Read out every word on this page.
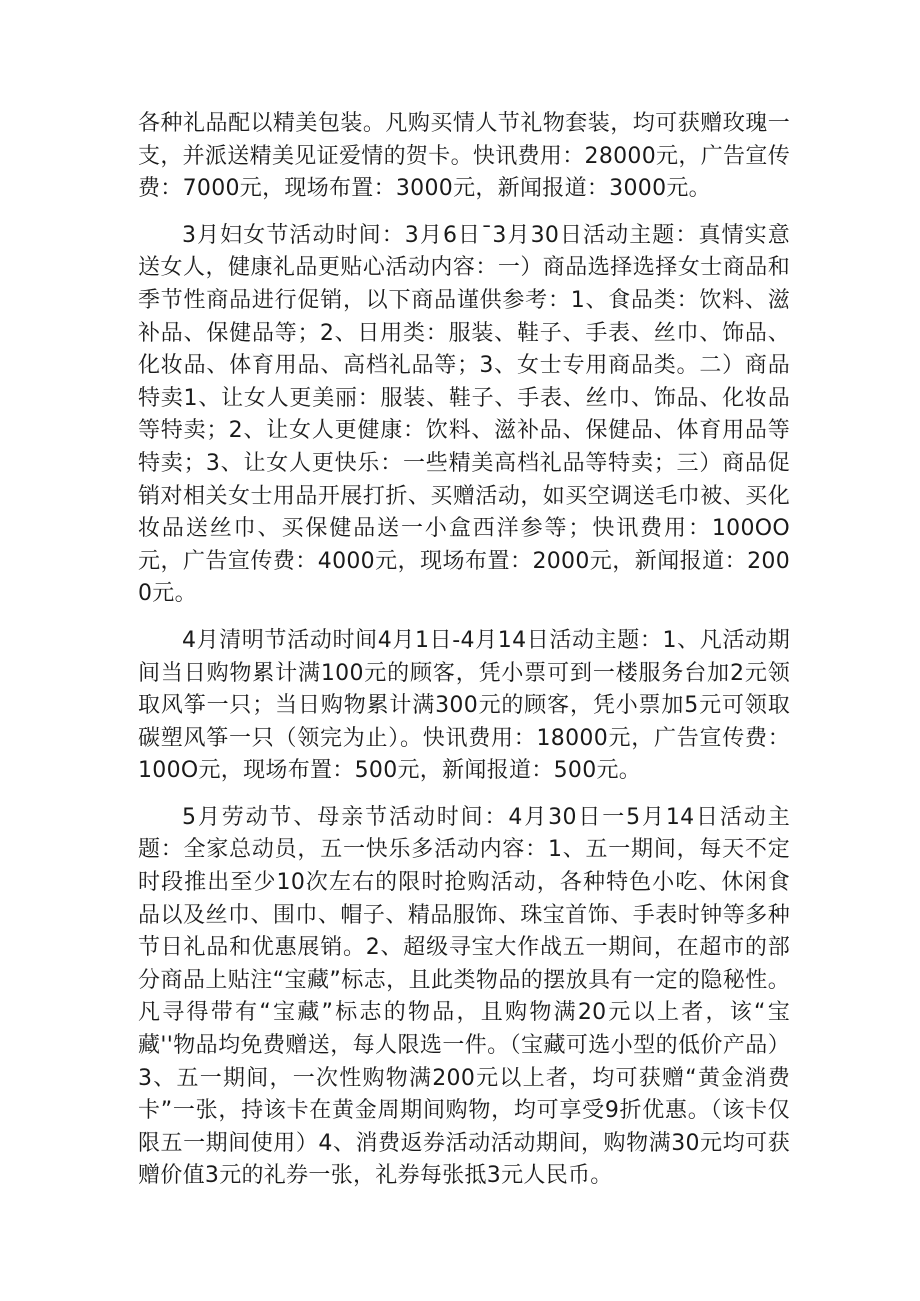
各种礼品配以精美包装。凡购买情人节礼物套装，均可获赠玫瑰一支，并派送精美见证爱情的贺卡。快讯费用：28000元，广告宣传费：7000元，现场布置：3000元，新闻报道：3000元。

3月妇女节活动时间：3月6日¯3月30日活动主题：真情实意送女人，健康礼品更贴心活动内容：一）商品选择选择女士商品和季节性商品进行促销，以下商品谨供参考：1、食品类：饮料、滋补品、保健品等；2、日用类：服装、鞋子、手表、丝巾、饰品、化妆品、体育用品、高档礼品等；3、女士专用商品类。二）商品特卖1、让女人更美丽：服装、鞋子、手表、丝巾、饰品、化妆品等特卖；2、让女人更健康：饮料、滋补品、保健品、体育用品等特卖；3、让女人更快乐：一些精美高档礼品等特卖；三）商品促销对相关女士用品开展打折、买赠活动，如买空调送毛巾被、买化妆品送丝巾、买保健品送一小盒西洋参等；快讯费用：100OO元，广告宣传费：4000元，现场布置：2000元，新闻报道：2000元。

4月清明节活动时间4月1日-4月14日活动主题：1、凡活动期间当日购物累计满100元的顾客，凭小票可到一楼服务台加2元领取风筝一只；当日购物累计满300元的顾客，凭小票加5元可领取碳塑风筝一只（领完为止）。快讯费用：18000元，广告宣传费：100O元，现场布置：500元，新闻报道：500元。

5月劳动节、母亲节活动时间：4月30日一5月14日活动主题：全家总动员，五一快乐多活动内容：1、五一期间，每天不定时段推出至少10次左右的限时抢购活动，各种特色小吃、休闲食品以及丝巾、围巾、帽子、精品服饰、珠宝首饰、手表时钟等多种节日礼品和优惠展销。2、超级寻宝大作战五一期间，在超市的部分商品上贴注“宝藏”标志，且此类物品的摆放具有一定的隐秘性。凡寻得带有“宝藏”标志的物品，且购物满20元以上者，该“宝藏''物品均免费赠送，每人限选一件。（宝藏可选小型的低价产品）3、五一期间，一次性购物满200元以上者，均可获赠“黄金消费卡”一张，持该卡在黄金周期间购物，均可享受9折优惠。（该卡仅限五一期间使用）4、消费返券活动活动期间，购物满30元均可获赠价值3元的礼券一张，礼券每张抵3元人民币。
